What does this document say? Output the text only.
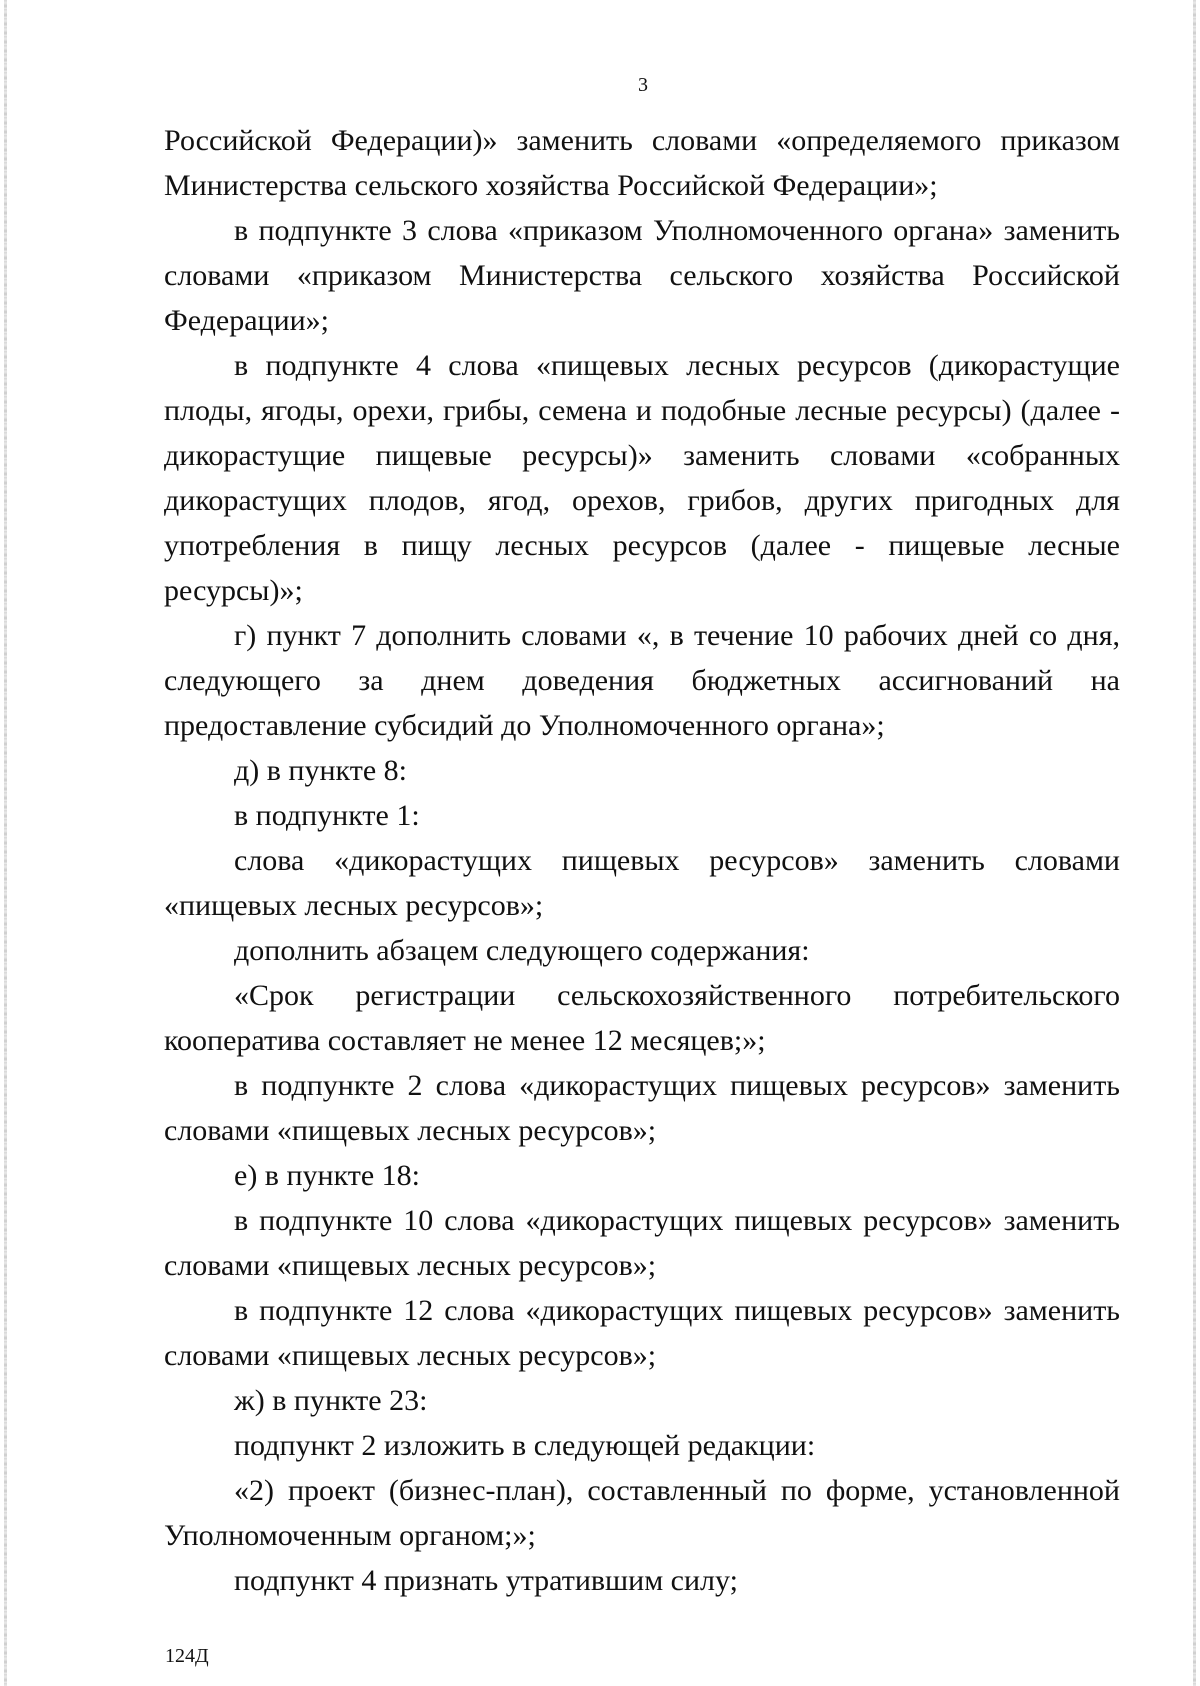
3

Российской Федерации)» заменить словами «определяемого приказом Министерства сельского хозяйства Российской Федерации»;

в подпункте 3 слова «приказом Уполномоченного органа» заменить словами «приказом Министерства сельского хозяйства Российской Федерации»;

в подпункте 4 слова «пищевых лесных ресурсов (дикорастущие плоды, ягоды, орехи, грибы, семена и подобные лесные ресурсы) (далее - дикорастущие пищевые ресурсы)» заменить словами «собранных дикорастущих плодов, ягод, орехов, грибов, других пригодных для употребления в пищу лесных ресурсов (далее - пищевые лесные ресурсы)»;

г) пункт 7 дополнить словами «, в течение 10 рабочих дней со дня, следующего за днем доведения бюджетных ассигнований на предоставление субсидий до Уполномоченного органа»;

д) в пункте 8:

в подпункте 1:

слова «дикорастущих пищевых ресурсов» заменить словами «пищевых лесных ресурсов»;

дополнить абзацем следующего содержания:

«Срок регистрации сельскохозяйственного потребительского кооператива составляет не менее 12 месяцев;»;

в подпункте 2 слова «дикорастущих пищевых ресурсов» заменить словами «пищевых лесных ресурсов»;

е) в пункте 18:

в подпункте 10 слова «дикорастущих пищевых ресурсов» заменить словами «пищевых лесных ресурсов»;

в подпункте 12 слова «дикорастущих пищевых ресурсов» заменить словами «пищевых лесных ресурсов»;

ж) в пункте 23:

подпункт 2 изложить в следующей редакции:

«2) проект (бизнес-план), составленный по форме, установленной Уполномоченным органом;»;

подпункт 4 признать утратившим силу;

124Д
